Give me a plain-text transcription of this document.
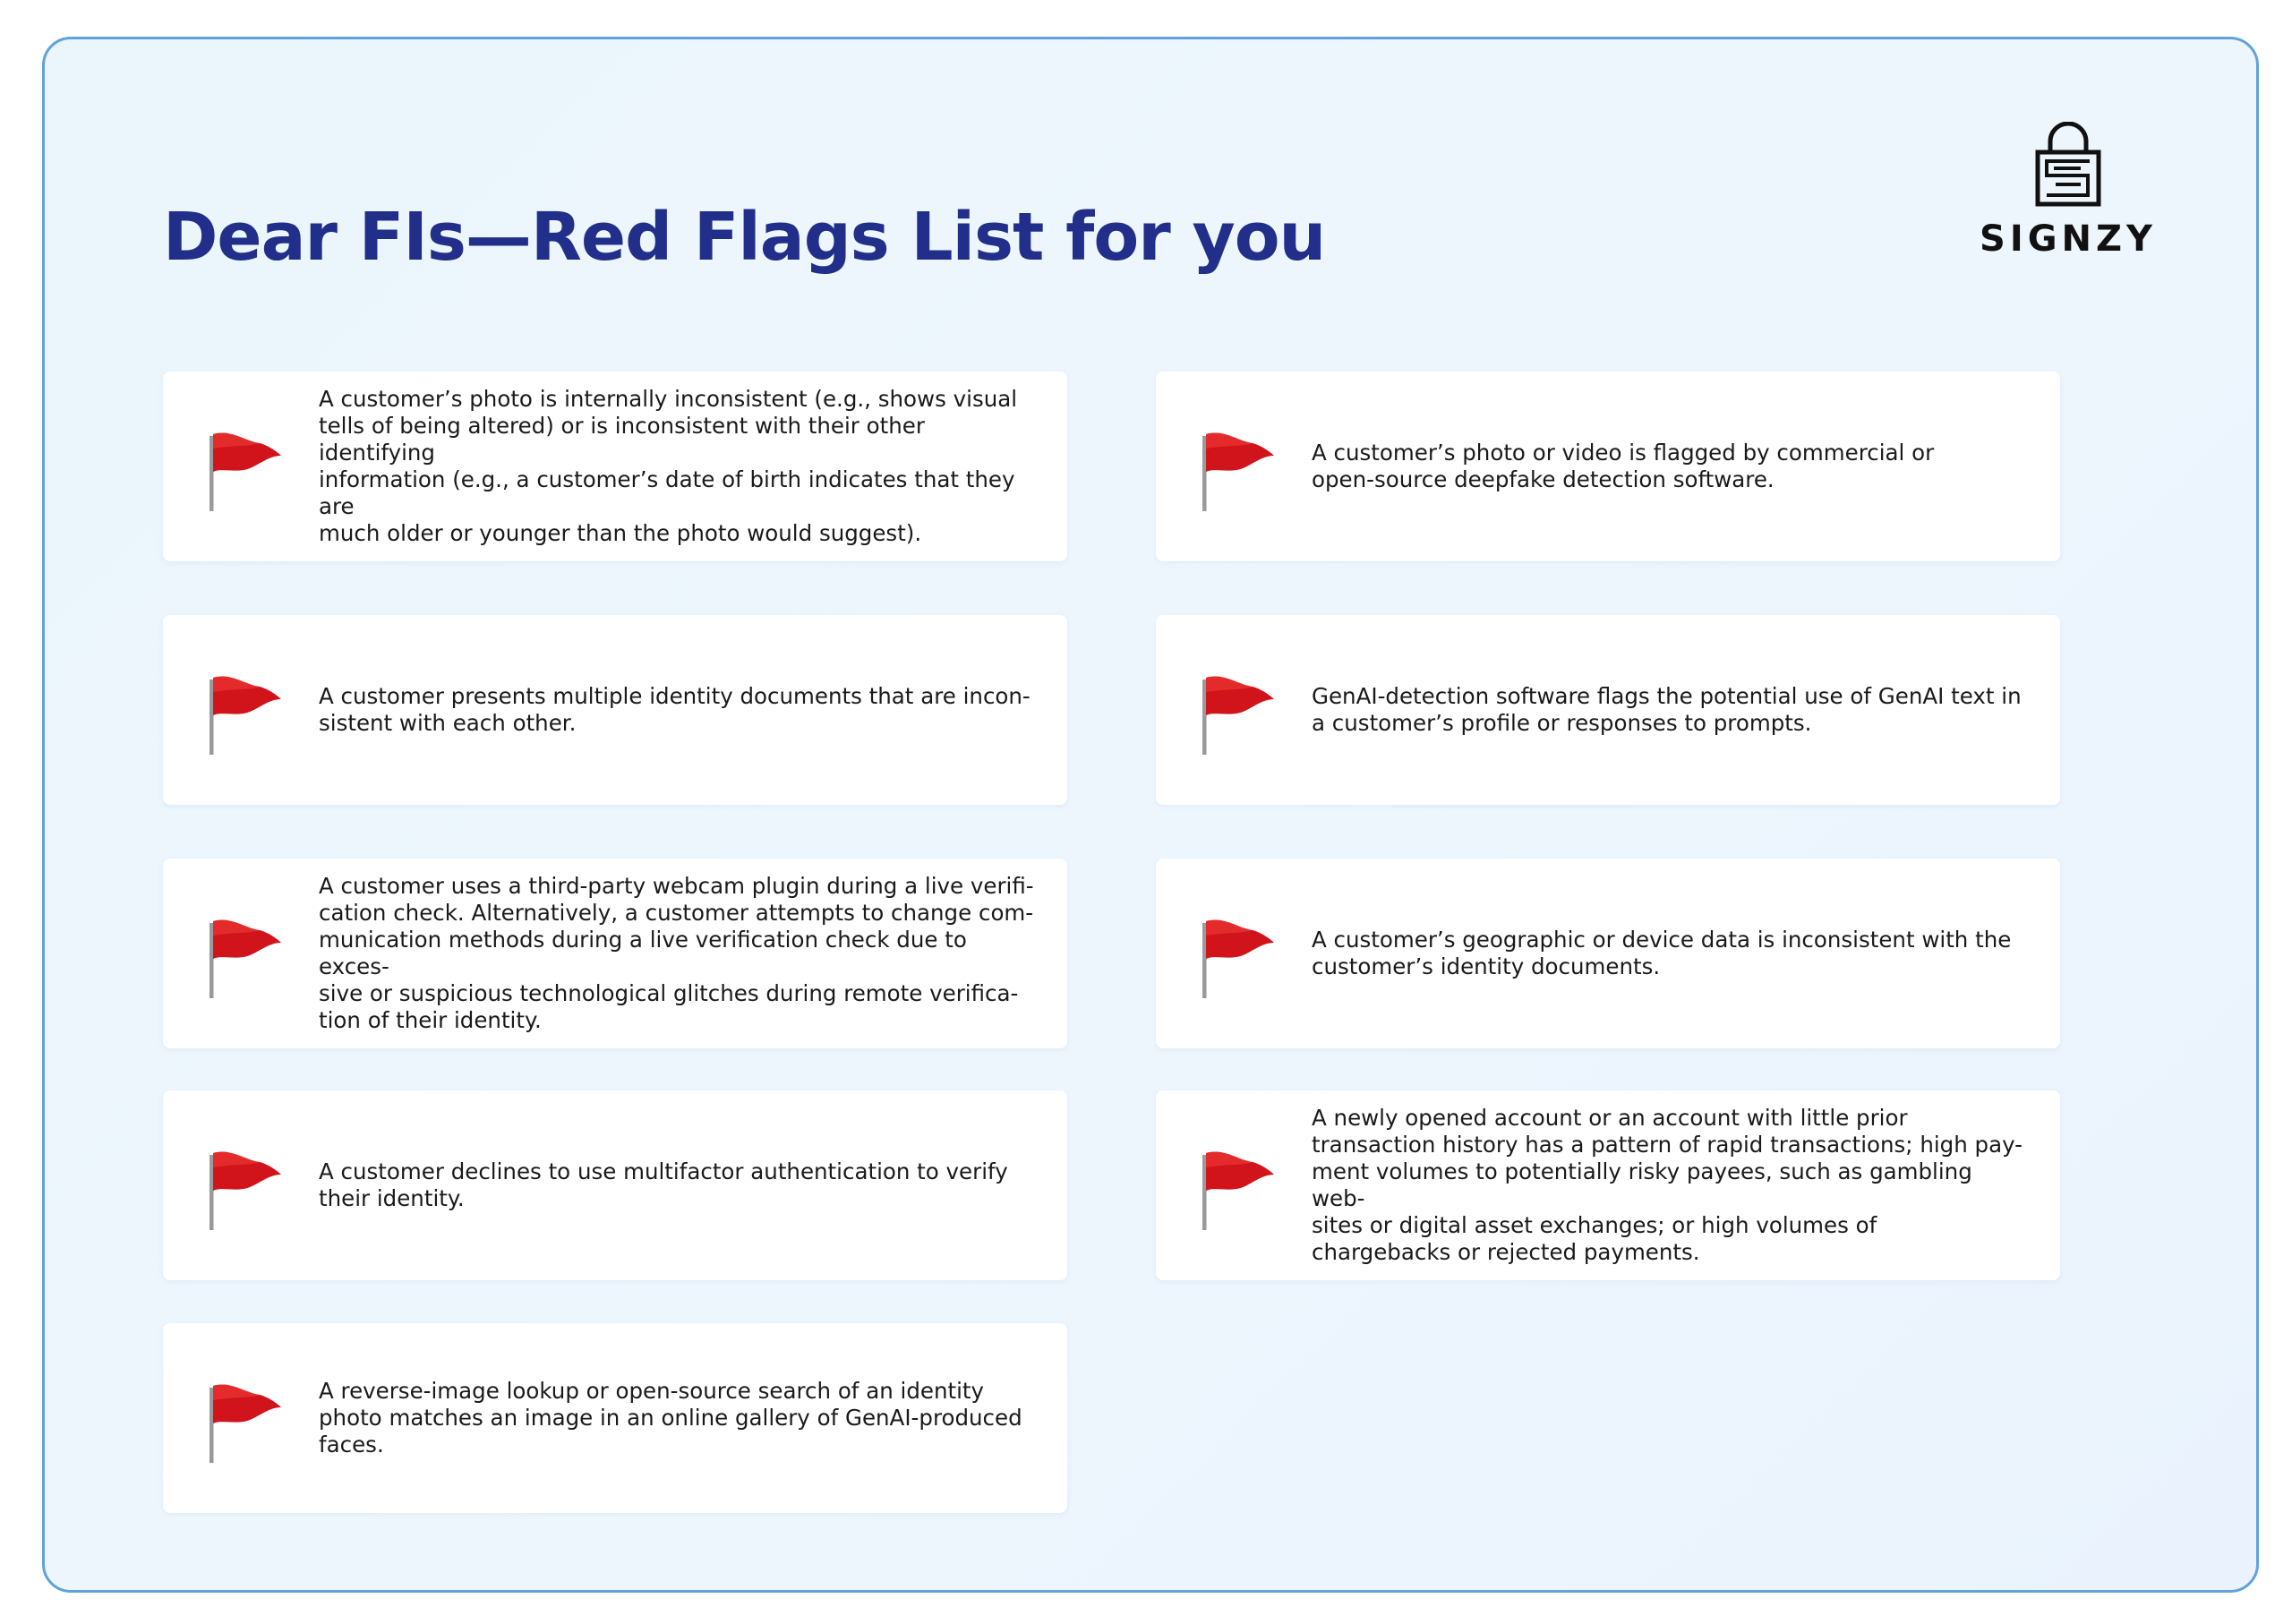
Dear FIs—Red Flags List for you	SIGNZY

A customer’s photo is internally inconsistent (e.g., shows visual
tells of being altered) or is inconsistent with their other identifying
information (e.g., a customer’s date of birth indicates that they are
much older or younger than the photo would suggest).

A customer presents multiple identity documents that are incon-
sistent with each other.

A customer uses a third-party webcam plugin during a live verifi-
cation check. Alternatively, a customer attempts to change com-
munication methods during a live verification check due to exces-
sive or suspicious technological glitches during remote verifica-
tion of their identity.

A customer declines to use multifactor authentication to verify
their identity.

A reverse-image lookup or open-source search of an identity
photo matches an image in an online gallery of GenAI-produced
faces.

A customer’s photo or video is flagged by commercial or
open-source deepfake detection software.

GenAI-detection software flags the potential use of GenAI text in
a customer’s profile or responses to prompts.

A customer’s geographic or device data is inconsistent with the
customer’s identity documents.

A newly opened account or an account with little prior
transaction history has a pattern of rapid transactions; high pay-
ment volumes to potentially risky payees, such as gambling web-
sites or digital asset exchanges; or high volumes of
chargebacks or rejected payments.
